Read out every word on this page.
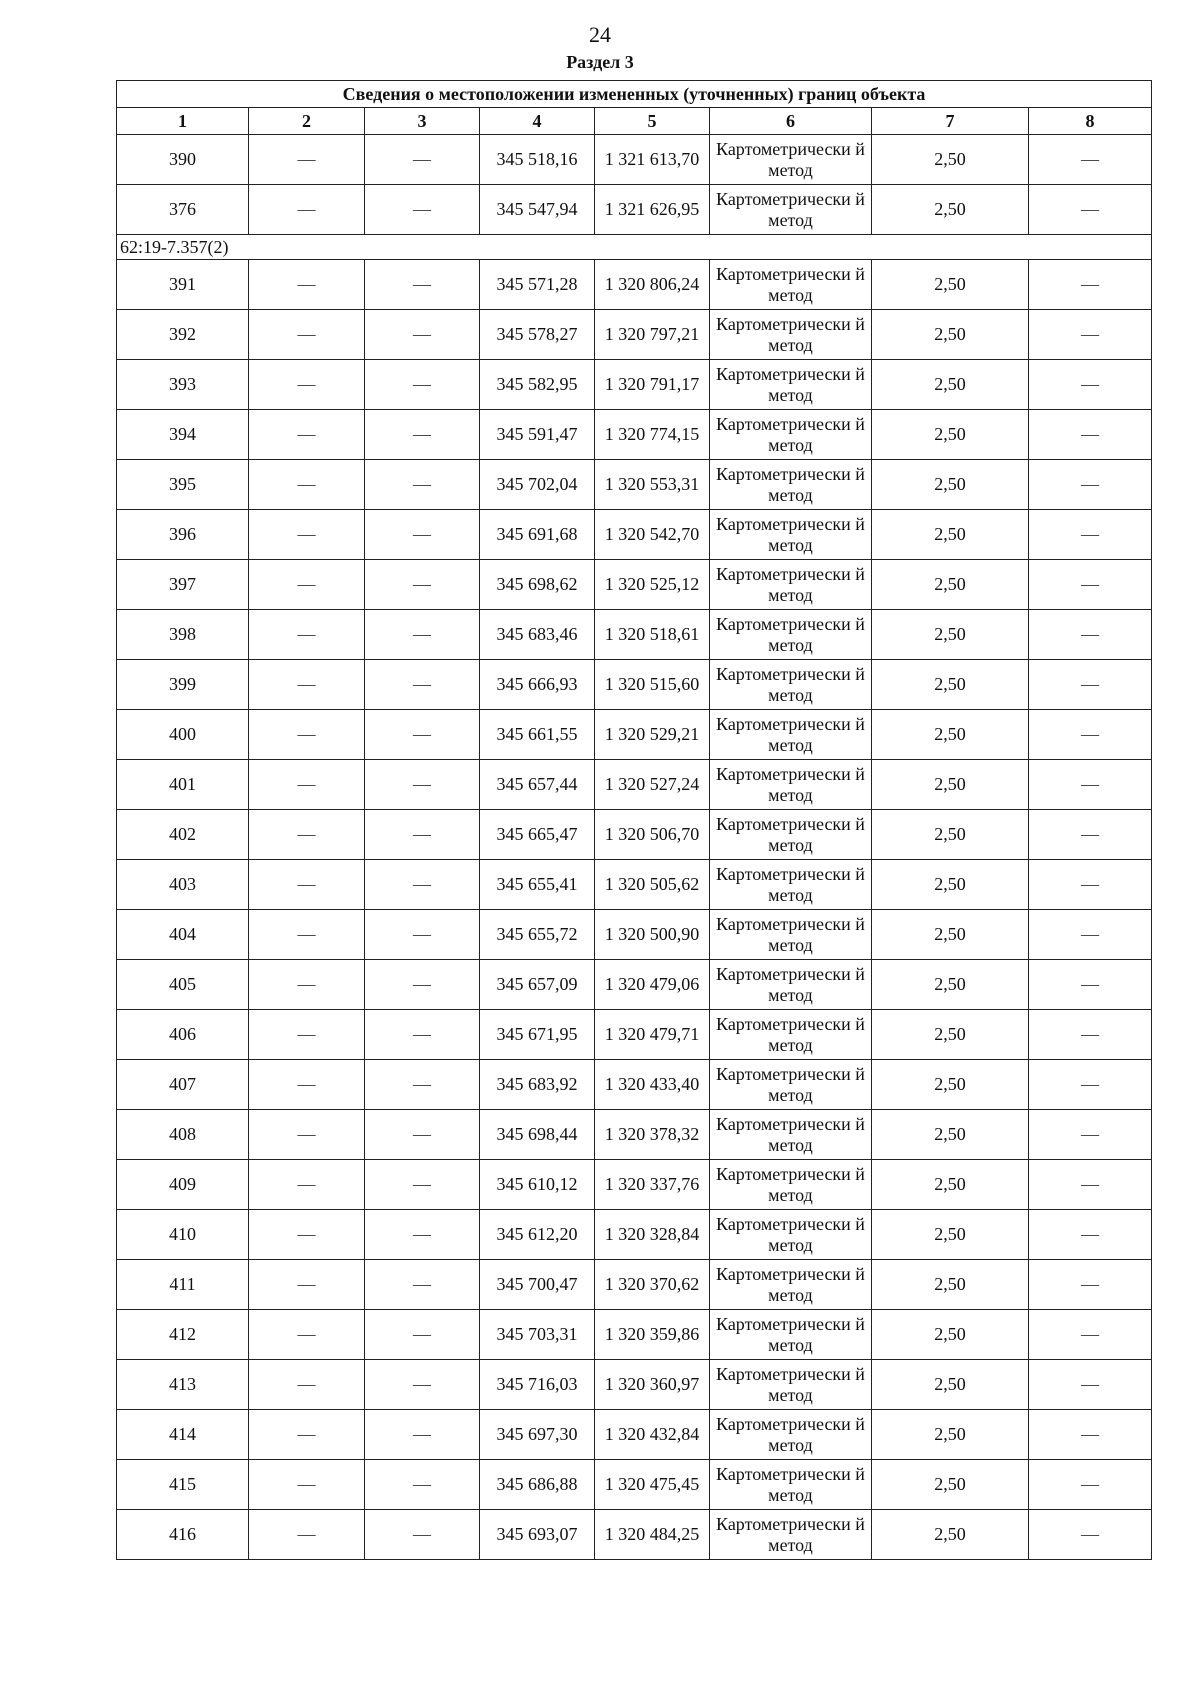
24
Раздел 3
Сведения о местоположении измененных (уточненных) границ объекта							
1	2	3	4	5	6	7	8
390	—	—	345 518,16	1 321 613,70	Картометрически й метод	2,50	—
376	—	—	345 547,94	1 321 626,95	Картометрически й метод	2,50	—
62:19-7.357(2)							
391	—	—	345 571,28	1 320 806,24	Картометрически й метод	2,50	—
392	—	—	345 578,27	1 320 797,21	Картометрически й метод	2,50	—
393	—	—	345 582,95	1 320 791,17	Картометрически й метод	2,50	—
394	—	—	345 591,47	1 320 774,15	Картометрически й метод	2,50	—
395	—	—	345 702,04	1 320 553,31	Картометрически й метод	2,50	—
396	—	—	345 691,68	1 320 542,70	Картометрически й метод	2,50	—
397	—	—	345 698,62	1 320 525,12	Картометрически й метод	2,50	—
398	—	—	345 683,46	1 320 518,61	Картометрически й метод	2,50	—
399	—	—	345 666,93	1 320 515,60	Картометрически й метод	2,50	—
400	—	—	345 661,55	1 320 529,21	Картометрически й метод	2,50	—
401	—	—	345 657,44	1 320 527,24	Картометрически й метод	2,50	—
402	—	—	345 665,47	1 320 506,70	Картометрически й метод	2,50	—
403	—	—	345 655,41	1 320 505,62	Картометрически й метод	2,50	—
404	—	—	345 655,72	1 320 500,90	Картометрически й метод	2,50	—
405	—	—	345 657,09	1 320 479,06	Картометрически й метод	2,50	—
406	—	—	345 671,95	1 320 479,71	Картометрически й метод	2,50	—
407	—	—	345 683,92	1 320 433,40	Картометрически й метод	2,50	—
408	—	—	345 698,44	1 320 378,32	Картометрически й метод	2,50	—
409	—	—	345 610,12	1 320 337,76	Картометрически й метод	2,50	—
410	—	—	345 612,20	1 320 328,84	Картометрически й метод	2,50	—
411	—	—	345 700,47	1 320 370,62	Картометрически й метод	2,50	—
412	—	—	345 703,31	1 320 359,86	Картометрически й метод	2,50	—
413	—	—	345 716,03	1 320 360,97	Картометрически й метод	2,50	—
414	—	—	345 697,30	1 320 432,84	Картометрически й метод	2,50	—
415	—	—	345 686,88	1 320 475,45	Картометрически й метод	2,50	—
416	—	—	345 693,07	1 320 484,25	Картометрически й метод	2,50	—
